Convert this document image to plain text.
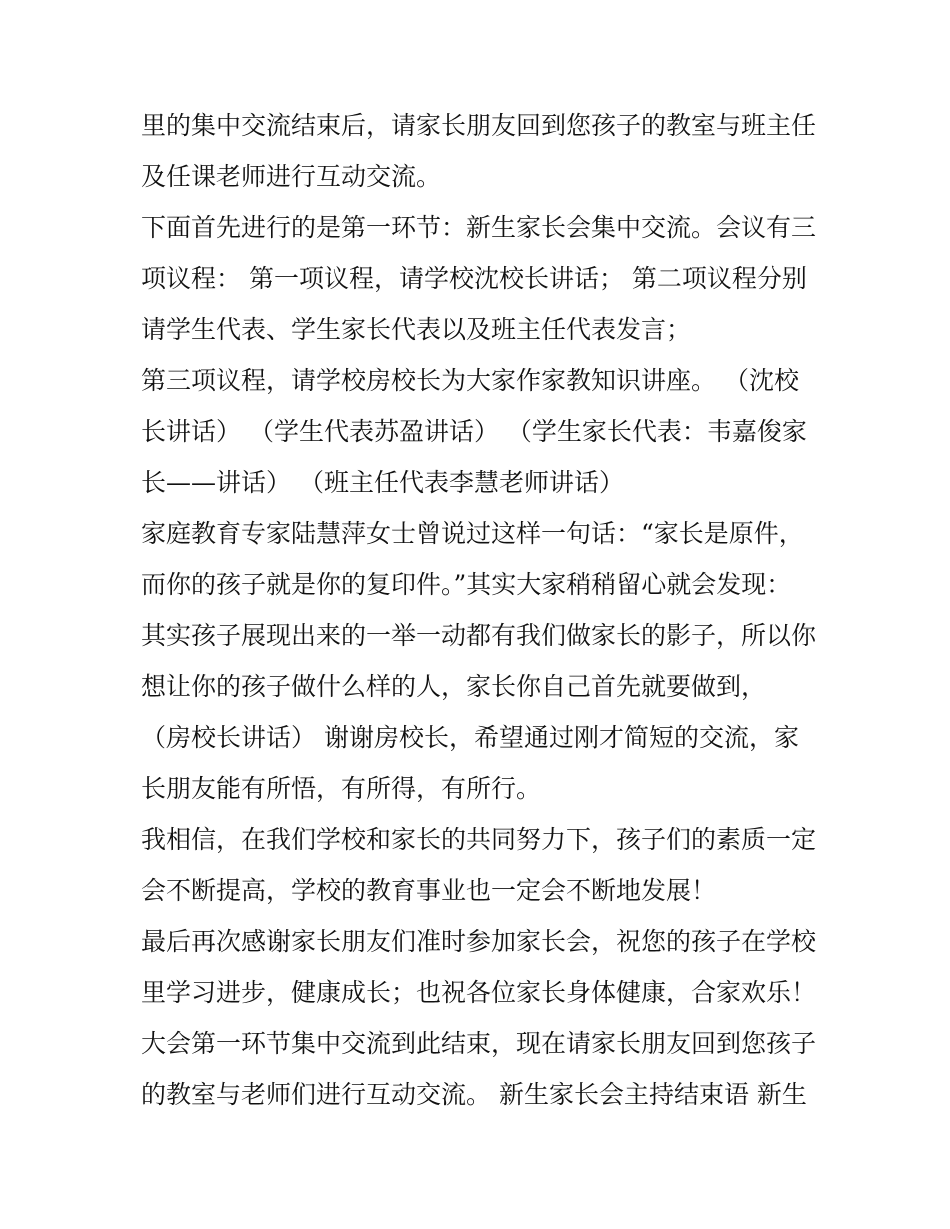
里的集中交流结束后，请家长朋友回到您孩子的教室与班主任
及任课老师进行互动交流。
下面首先进行的是第一环节：新生家长会集中交流。会议有三
项议程： 第一项议程，请学校沈校长讲话； 第二项议程分别
请学生代表、学生家长代表以及班主任代表发言；
第三项议程，请学校房校长为大家作家教知识讲座。 （沈校
长讲话） （学生代表苏盈讲话） （学生家长代表：韦嘉俊家
长——讲话） （班主任代表李慧老师讲话）
家庭教育专家陆慧萍女士曾说过这样一句话：“家长是原件，
而你的孩子就是你的复印件。”其实大家稍稍留心就会发现：
其实孩子展现出来的一举一动都有我们做家长的影子，所以你
想让你的孩子做什么样的人，家长你自己首先就要做到，
（房校长讲话） 谢谢房校长，希望通过刚才简短的交流，家
长朋友能有所悟，有所得，有所行。
我相信，在我们学校和家长的共同努力下，孩子们的素质一定
会不断提高，学校的教育事业也一定会不断地发展！
最后再次感谢家长朋友们准时参加家长会，祝您的孩子在学校
里学习进步，健康成长；也祝各位家长身体健康，合家欢乐！
大会第一环节集中交流到此结束，现在请家长朋友回到您孩子
的教室与老师们进行互动交流。 新生家长会主持结束语 新生
